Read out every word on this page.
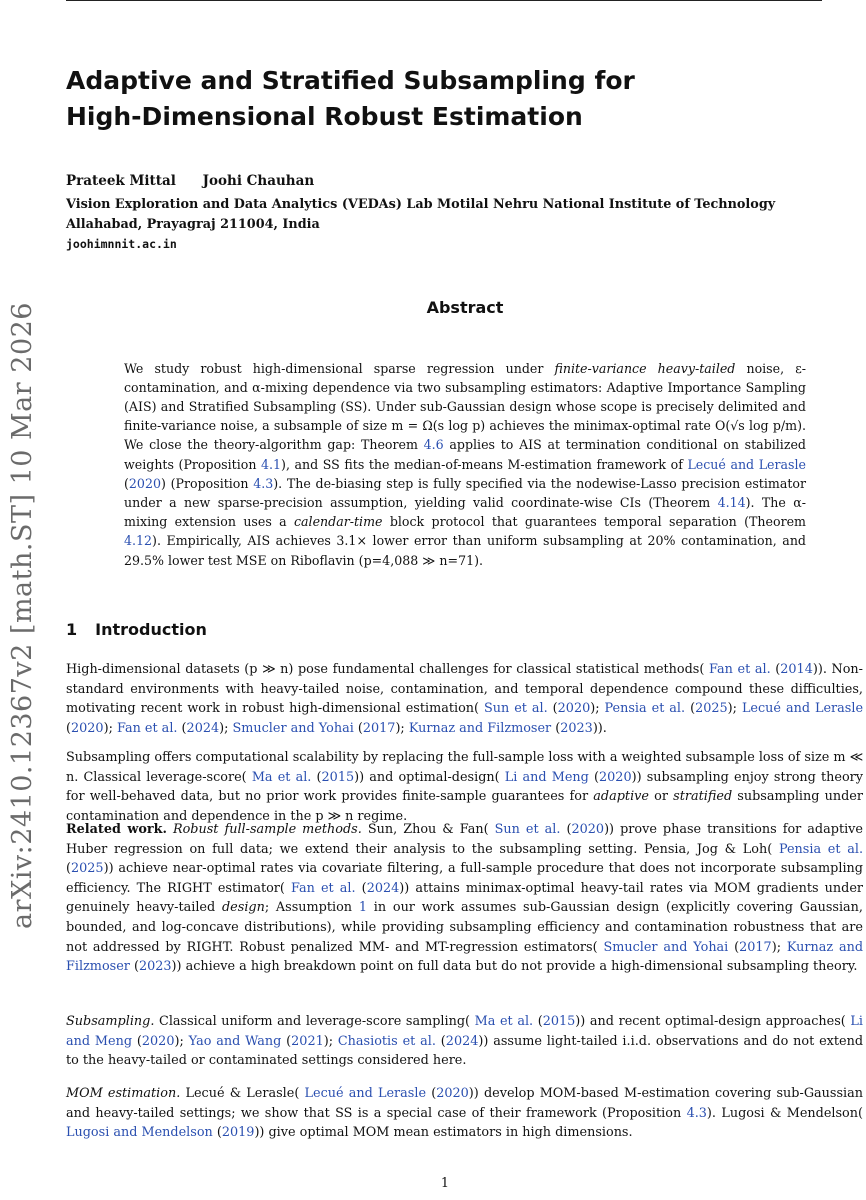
arXiv:2410.12367v2 [math.ST] 10 Mar 2026
Adaptive and Stratified Subsampling for
High-Dimensional Robust Estimation
Prateek Mittal Joohi Chauhan
Vision Exploration and Data Analytics (VEDAs) Lab Motilal Nehru National Institute of Technology
Allahabad, Prayagraj 211004, India
joohimnnit.ac.in
Abstract

We study robust high-dimensional sparse regression under finite-variance heavy-tailed noise, ε-contamination, and α-mixing dependence via two subsampling estimators: Adaptive Importance Sampling (AIS) and Stratified Subsampling (SS). Under sub-Gaussian design whose scope is precisely delimited and finite-variance noise, a subsample of size m = Ω(s log p) achieves the minimax-optimal rate O(√s log p/m). We close the theory-algorithm gap: Theorem 4.6 applies to AIS at termination conditional on stabilized weights (Proposition 4.1), and SS fits the median-of-means M-estimation framework of Lecué and Lerasle (2020) (Proposition 4.3). The de-biasing step is fully specified via the nodewise-Lasso precision estimator under a new sparse-precision assumption, yielding valid coordinate-wise CIs (Theorem 4.14). The α-mixing extension uses a calendar-time block protocol that guarantees temporal separation (Theorem 4.12). Empirically, AIS achieves 3.1× lower error than uniform subsampling at 20% contamination, and 29.5% lower test MSE on Riboflavin (p=4,088 ≫ n=71).

1 Introduction

High-dimensional datasets (p ≫ n) pose fundamental challenges for classical statistical methods( Fan et al. (2014)). Non-standard environments with heavy-tailed noise, contamination, and temporal dependence compound these difficulties, motivating recent work in robust high-dimensional estimation( Sun et al. (2020); Pensia et al. (2025); Lecué and Lerasle (2020); Fan et al. (2024); Smucler and Yohai (2017); Kurnaz and Filzmoser (2023)).

Subsampling offers computational scalability by replacing the full-sample loss with a weighted subsample loss of size m ≪ n. Classical leverage-score( Ma et al. (2015)) and optimal-design( Li and Meng (2020)) subsampling enjoy strong theory for well-behaved data, but no prior work provides finite-sample guarantees for adaptive or stratified subsampling under contamination and dependence in the p ≫ n regime.

Related work. Robust full-sample methods. Sun, Zhou & Fan( Sun et al. (2020)) prove phase transitions for adaptive Huber regression on full data; we extend their analysis to the subsampling setting. Pensia, Jog & Loh( Pensia et al. (2025)) achieve near-optimal rates via covariate filtering, a full-sample procedure that does not incorporate subsampling efficiency. The RIGHT estimator( Fan et al. (2024)) attains minimax-optimal heavy-tail rates via MOM gradients under genuinely heavy-tailed design; Assumption 1 in our work assumes sub-Gaussian design (explicitly covering Gaussian, bounded, and log-concave distributions), while providing subsampling efficiency and contamination robustness that are not addressed by RIGHT. Robust penalized MM- and MT-regression estimators( Smucler and Yohai (2017); Kurnaz and Filzmoser (2023)) achieve a high breakdown point on full data but do not provide a high-dimensional subsampling theory.

Subsampling. Classical uniform and leverage-score sampling( Ma et al. (2015)) and recent optimal-design approaches( Li and Meng (2020); Yao and Wang (2021); Chasiotis et al. (2024)) assume light-tailed i.i.d. observations and do not extend to the heavy-tailed or contaminated settings considered here.

MOM estimation. Lecué & Lerasle( Lecué and Lerasle (2020)) develop MOM-based M-estimation covering sub-Gaussian and heavy-tailed settings; we show that SS is a special case of their framework (Proposition 4.3). Lugosi & Mendelson( Lugosi and Mendelson (2019)) give optimal MOM mean estimators in high dimensions.

1
